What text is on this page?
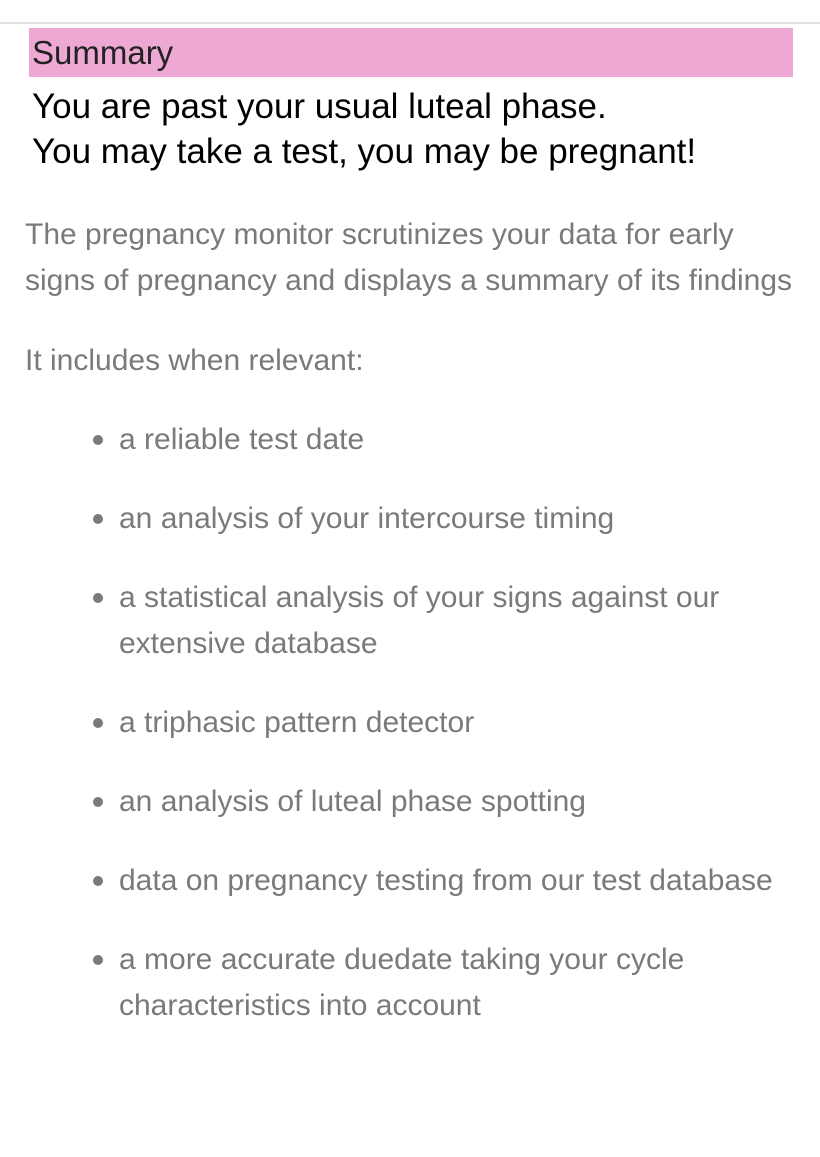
Summary
You are past your usual luteal phase.
You may take a test, you may be pregnant!

The pregnancy monitor scrutinizes your data for early signs of pregnancy and displays a summary of its findings

It includes when relevant:

a reliable test date
an analysis of your intercourse timing
a statistical analysis of your signs against our extensive database
a triphasic pattern detector
an analysis of luteal phase spotting
data on pregnancy testing from our test database
a more accurate duedate taking your cycle characteristics into account
